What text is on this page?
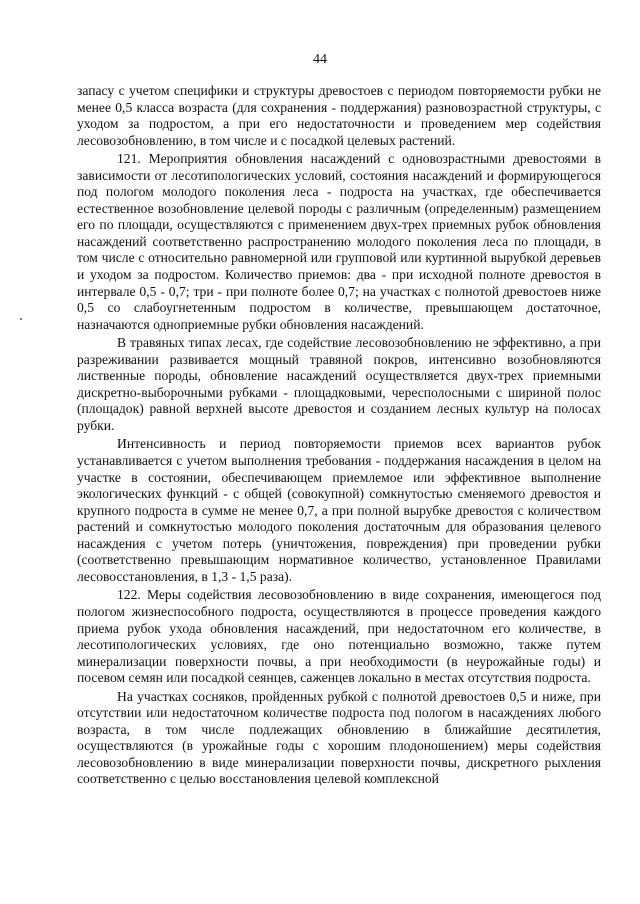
44

запасу с учетом специфики и структуры древостоев с периодом повторяемости рубки не менее 0,5 класса возраста (для сохранения - поддержания) разновозрастной структуры, с уходом за подростом, а при его недостаточности и проведением мер содействия лесовозобновлению, в том числе и с посадкой целевых растений.

121. Мероприятия обновления насаждений с одновозрастными древостоями в зависимости от лесотипологических условий, состояния насаждений и формирующегося под пологом молодого поколения леса - подроста на участках, где обеспечивается естественное возобновление целевой породы с различным (определенным) размещением его по площади, осуществляются с применением двух-трех приемных рубок обновления насаждений соответственно распространению молодого поколения леса по площади, в том числе с относительно равномерной или групповой или куртинной вырубкой деревьев и уходом за подростом. Количество приемов: два - при исходной полноте древостоя в интервале 0,5 - 0,7; три - при полноте более 0,7; на участках с полнотой древостоев ниже 0,5 со слабоугнетенным подростом в количестве, превышающем достаточное, назначаются одноприемные рубки обновления насаждений.

В травяных типах лесах, где содействие лесовозобновлению не эффективно, а при разреживании развивается мощный травяной покров, интенсивно возобновляются лиственные породы, обновление насаждений осуществляется двух-трех приемными дискретно-выборочными рубками - площадковыми, чересполосными с шириной полос (площадок) равной верхней высоте древостоя и созданием лесных культур на полосах рубки.

Интенсивность и период повторяемости приемов всех вариантов рубок устанавливается с учетом выполнения требования - поддержания насаждения в целом на участке в состоянии, обеспечивающем приемлемое или эффективное выполнение экологических функций - с общей (совокупной) сомкнутостью сменяемого древостоя и крупного подроста в сумме не менее 0,7, а при полной вырубке древостоя с количеством растений и сомкнутостью молодого поколения достаточным для образования целевого насаждения с учетом потерь (уничтожения, повреждения) при проведении рубки (соответственно превышающим нормативное количество, установленное Правилами лесовосстановления, в 1,3 - 1,5 раза).

122. Меры содействия лесовозобновлению в виде сохранения, имеющегося под пологом жизнеспособного подроста, осуществляются в процессе проведения каждого приема рубок ухода обновления насаждений, при недостаточном его количестве, в лесотипологических условиях, где оно потенциально возможно, также путем минерализации поверхности почвы, а при необходимости (в неурожайные годы) и посевом семян или посадкой сеянцев, саженцев локально в местах отсутствия подроста.

На участках сосняков, пройденных рубкой с полнотой древостоев 0,5 и ниже, при отсутствии или недостаточном количестве подроста под пологом в насаждениях любого возраста, в том числе подлежащих обновлению в ближайшие десятилетия, осуществляются (в урожайные годы с хорошим плодоношением) меры содействия лесовозобновлению в виде минерализации поверхности почвы, дискретного рыхления соответственно с целью восстановления целевой комплексной
